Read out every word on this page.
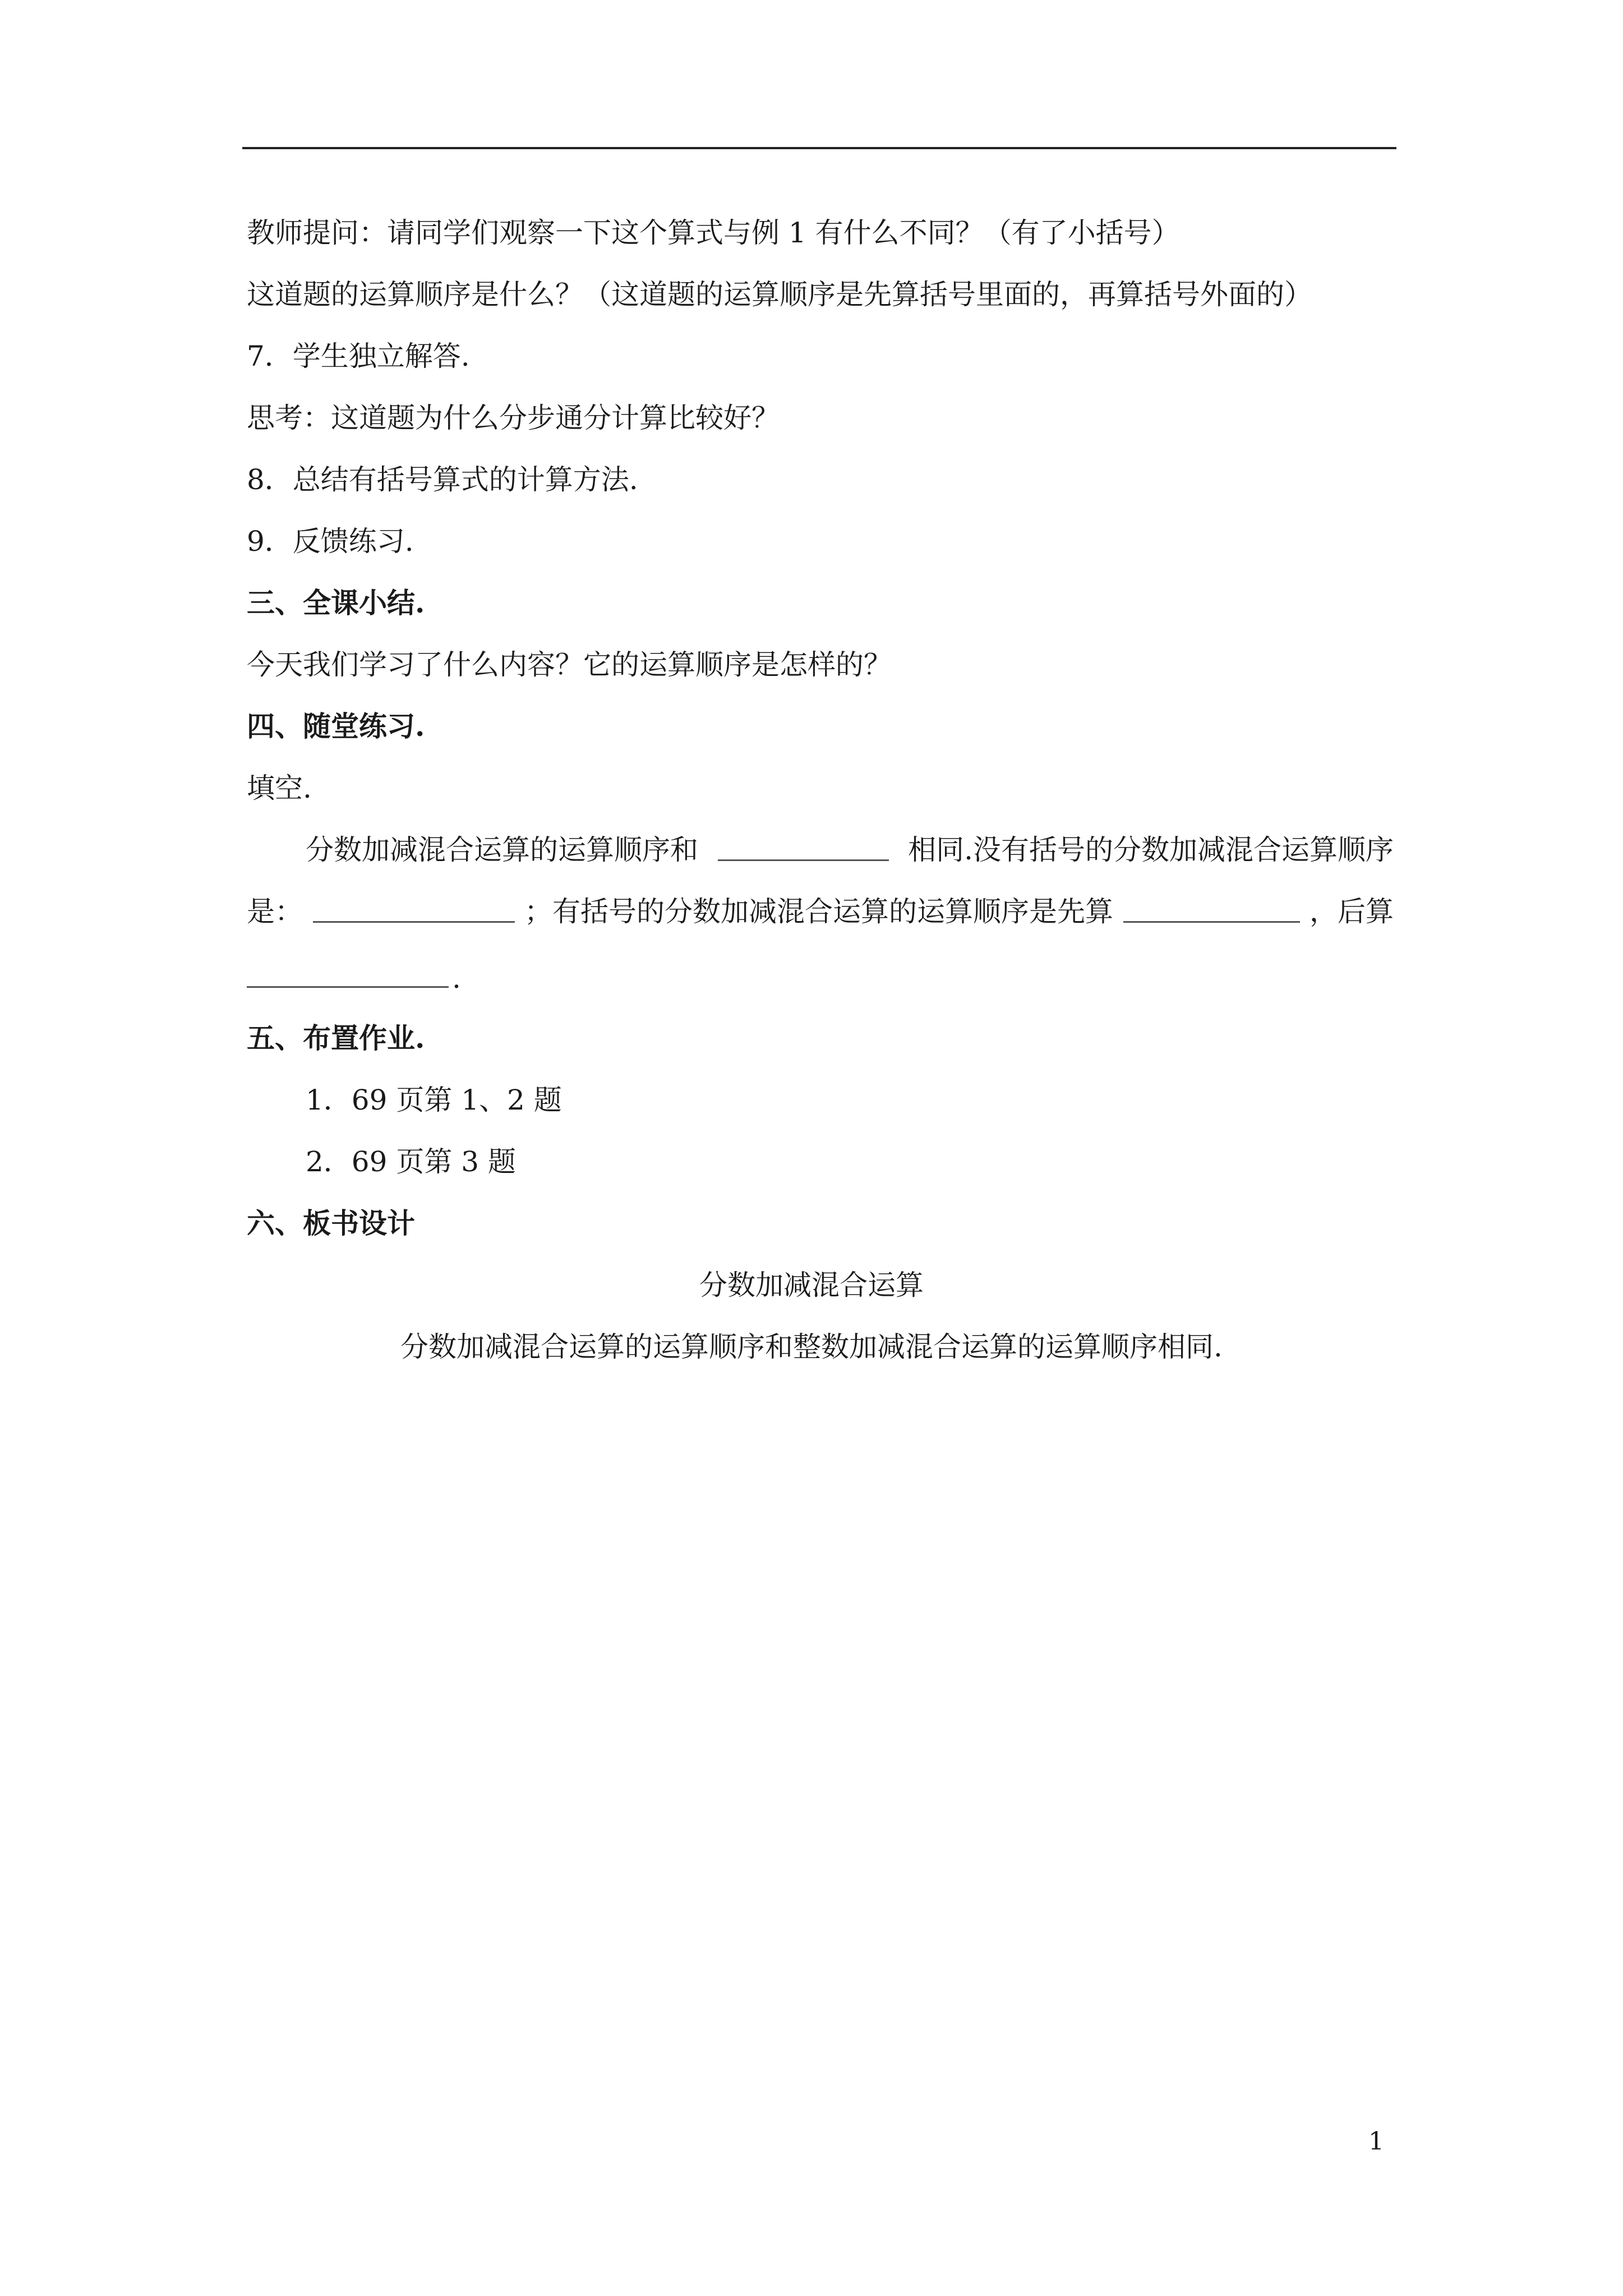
教师提问：请同学们观察一下这个算式与例 1 有什么不同？（有了小括号）
这道题的运算顺序是什么？（这道题的运算顺序是先算括号里面的，再算括号外面的）
7．学生独立解答.
思考：这道题为什么分步通分计算比较好？
8．总结有括号算式的计算方法.
9．反馈练习.
三、全课小结.
今天我们学习了什么内容？它的运算顺序是怎样的？
四、随堂练习.
填空.
分数加减混合运算的运算顺序和	相同.没有括号的分数加减混合运算顺序
是：	；有括号的分数加减混合运算的运算顺序是先算	，后算
.
五、布置作业.
1．69 页第 1、2 题
2．69 页第 3 题
六、板书设计
分数加减混合运算
分数加减混合运算的运算顺序和整数加减混合运算的运算顺序相同.
1
